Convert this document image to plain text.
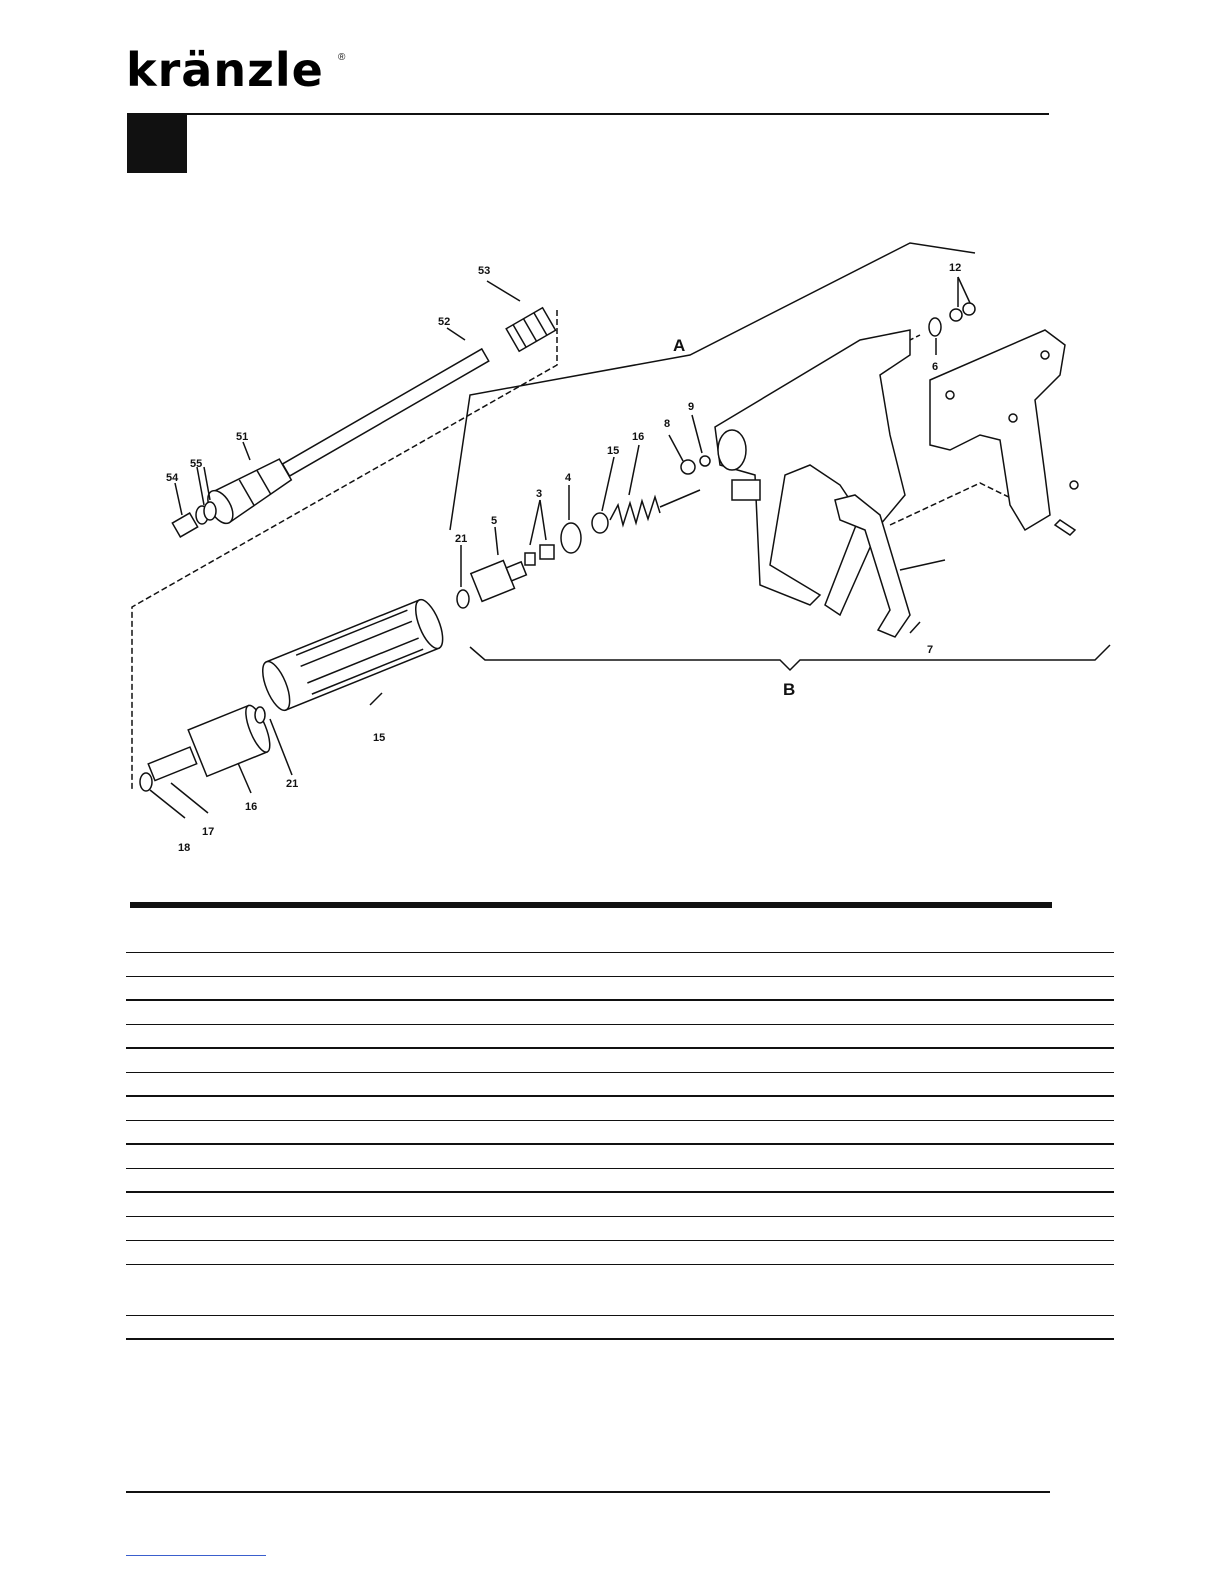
kränzle ®
A
B
53
52
51
55
54
21
5
3
4
15
16
8
9
12
6
7
15
21
16
17
18
